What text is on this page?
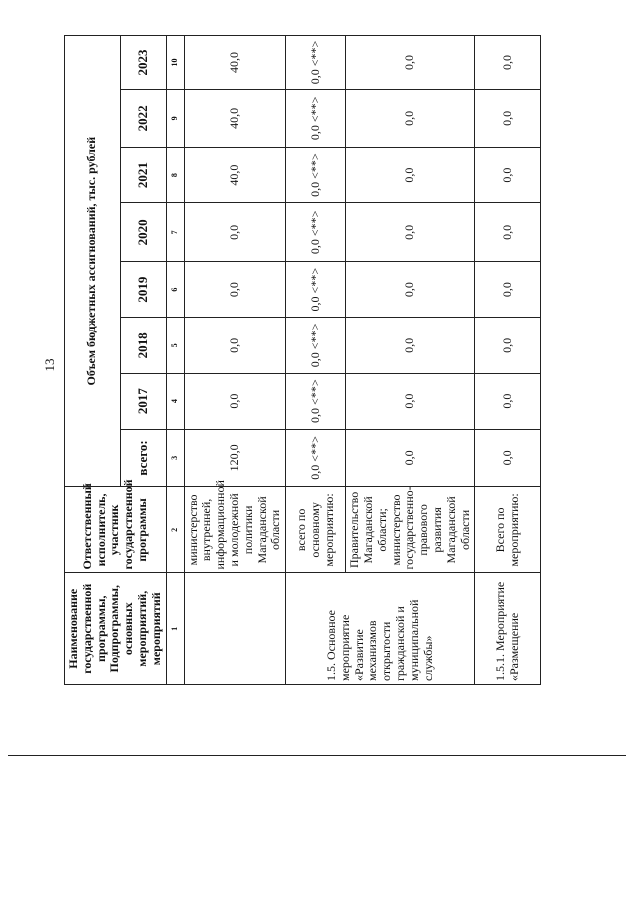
13
Наименование государственной программы, Подпрограммы, основных мероприятий, мероприятий	Ответственный исполнитель, участник государственной программы	Объем бюджетных ассигнований, тыс. рублей							
		всего:	2017	2018	2019	2020	2021	2022	2023
1	2	3	4	5	6	7	8	9	10
	министерство внутренней, информационной и молодежной политики Магаданской области	120,0	0,0	0,0	0,0	0,0	40,0	40,0	40,0
1.5. Основное мероприятие «Развитие механизмов открытости гражданской и муниципальной службы»	всего по основному мероприятию:	0,0 <**>	0,0 <**>	0,0 <**>	0,0 <**>	0,0 <**>	0,0 <**>	0,0 <**>	0,0 <**>
	Правительство Магаданской области; министерство государственно-правового развития Магаданской области	0,0	0,0	0,0	0,0	0,0	0,0	0,0	0,0
1.5.1. Мероприятие «Размещение	Всего по мероприятию:	0,0	0,0	0,0	0,0	0,0	0,0	0,0	0,0
